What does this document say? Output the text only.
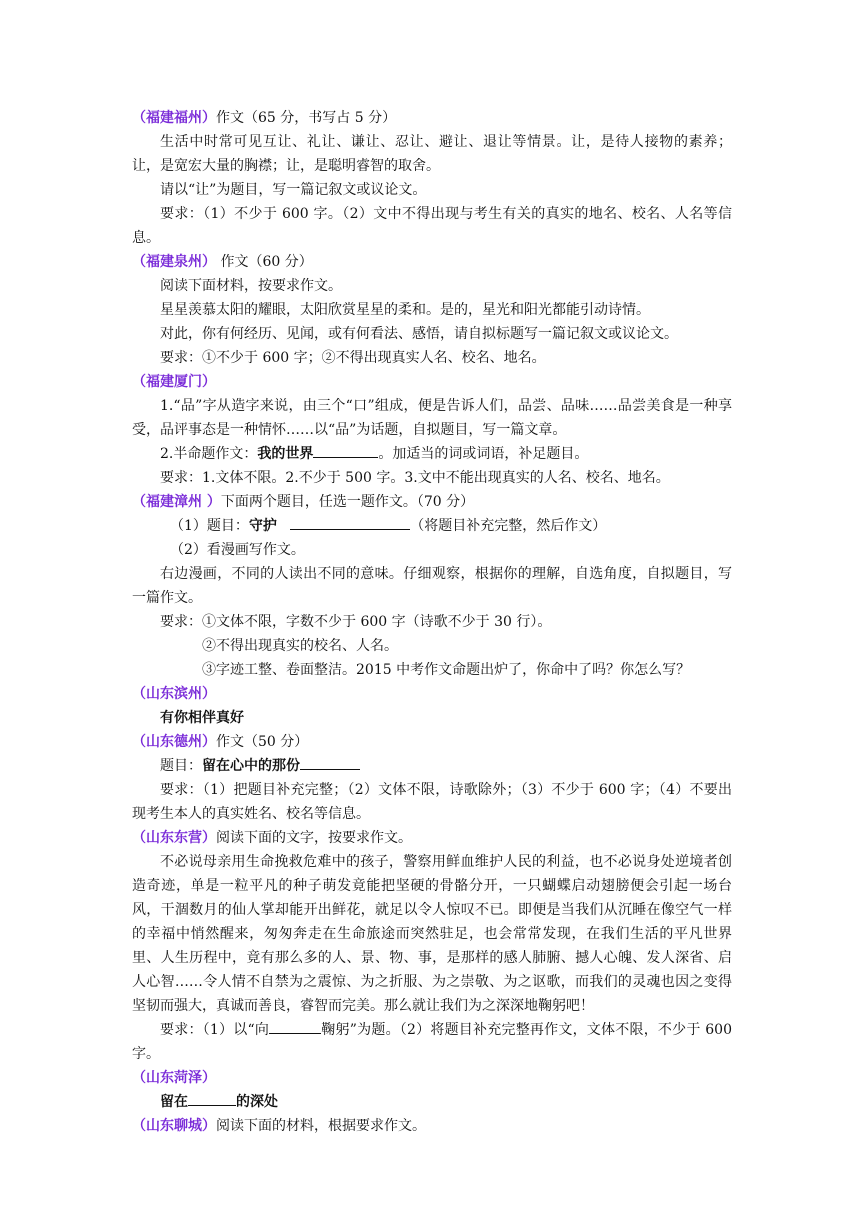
（福建福州）作文（65 分，书写占 5 分）

生活中时常可见互让、礼让、谦让、忍让、避让、退让等情景。让，是待人接物的素养；让，是宽宏大量的胸襟；让，是聪明睿智的取舍。

请以“让”为题目，写一篇记叙文或议论文。

要求：（1）不少于 600 字。（2）文中不得出现与考生有关的真实的地名、校名、人名等信息。

（福建泉州） 作文（60 分）

阅读下面材料，按要求作文。

星星羡慕太阳的耀眼，太阳欣赏星星的柔和。是的，星光和阳光都能引动诗情。

对此，你有何经历、见闻，或有何看法、感悟，请自拟标题写一篇记叙文或议论文。

要求：①不少于 600 字；②不得出现真实人名、校名、地名。

（福建厦门）

1.“品”字从造字来说，由三个“口”组成，便是告诉人们，品尝、品味……品尝美食是一种享受，品评事态是一种情怀……以“品”为话题，自拟题目，写一篇文章。

2.半命题作文：我的世界	。加适当的词或词语，补足题目。

要求：1.文体不限。2.不少于 500 字。3.文中不能出现真实的人名、校名、地名。

（福建漳州 ）下面两个题目，任选一题作文。（70 分）

（1）题目：守护	（将题目补充完整，然后作文）

（2）看漫画写作文。

右边漫画，不同的人读出不同的意味。仔细观察，根据你的理解，自选角度，自拟题目，写一篇作文。

要求：①文体不限，字数不少于 600 字（诗歌不少于 30 行）。

②不得出现真实的校名、人名。

③字迹工整、卷面整洁。2015 中考作文命题出炉了，你命中了吗？你怎么写？

（山东滨州）

有你相伴真好

（山东德州）作文（50 分）

题目：留在心中的那份

要求：（1）把题目补充完整；（2）文体不限，诗歌除外；（3）不少于 600 字；（4）不要出现考生本人的真实姓名、校名等信息。

（山东东营）阅读下面的文字，按要求作文。

不必说母亲用生命挽救危难中的孩子，警察用鲜血维护人民的利益，也不必说身处逆境者创造奇迹，单是一粒平凡的种子萌发竟能把坚硬的骨骼分开，一只蝴蝶启动翅膀便会引起一场台风，干涸数月的仙人掌却能开出鲜花，就足以令人惊叹不已。即便是当我们从沉睡在像空气一样的幸福中悄然醒来，匆匆奔走在生命旅途而突然驻足，也会常常发现，在我们生活的平凡世界里、人生历程中，竟有那么多的人、景、物、事，是那样的感人肺腑、撼人心魄、发人深省、启人心智……令人情不自禁为之震惊、为之折服、为之崇敬、为之讴歌，而我们的灵魂也因之变得坚韧而强大，真诚而善良，睿智而完美。那么就让我们为之深深地鞠躬吧！

要求：（1）以“向	鞠躬”为题。（2）将题目补充完整再作文，文体不限，不少于 600 字。

（山东菏泽）

留在	的深处

（山东聊城）阅读下面的材料，根据要求作文。
